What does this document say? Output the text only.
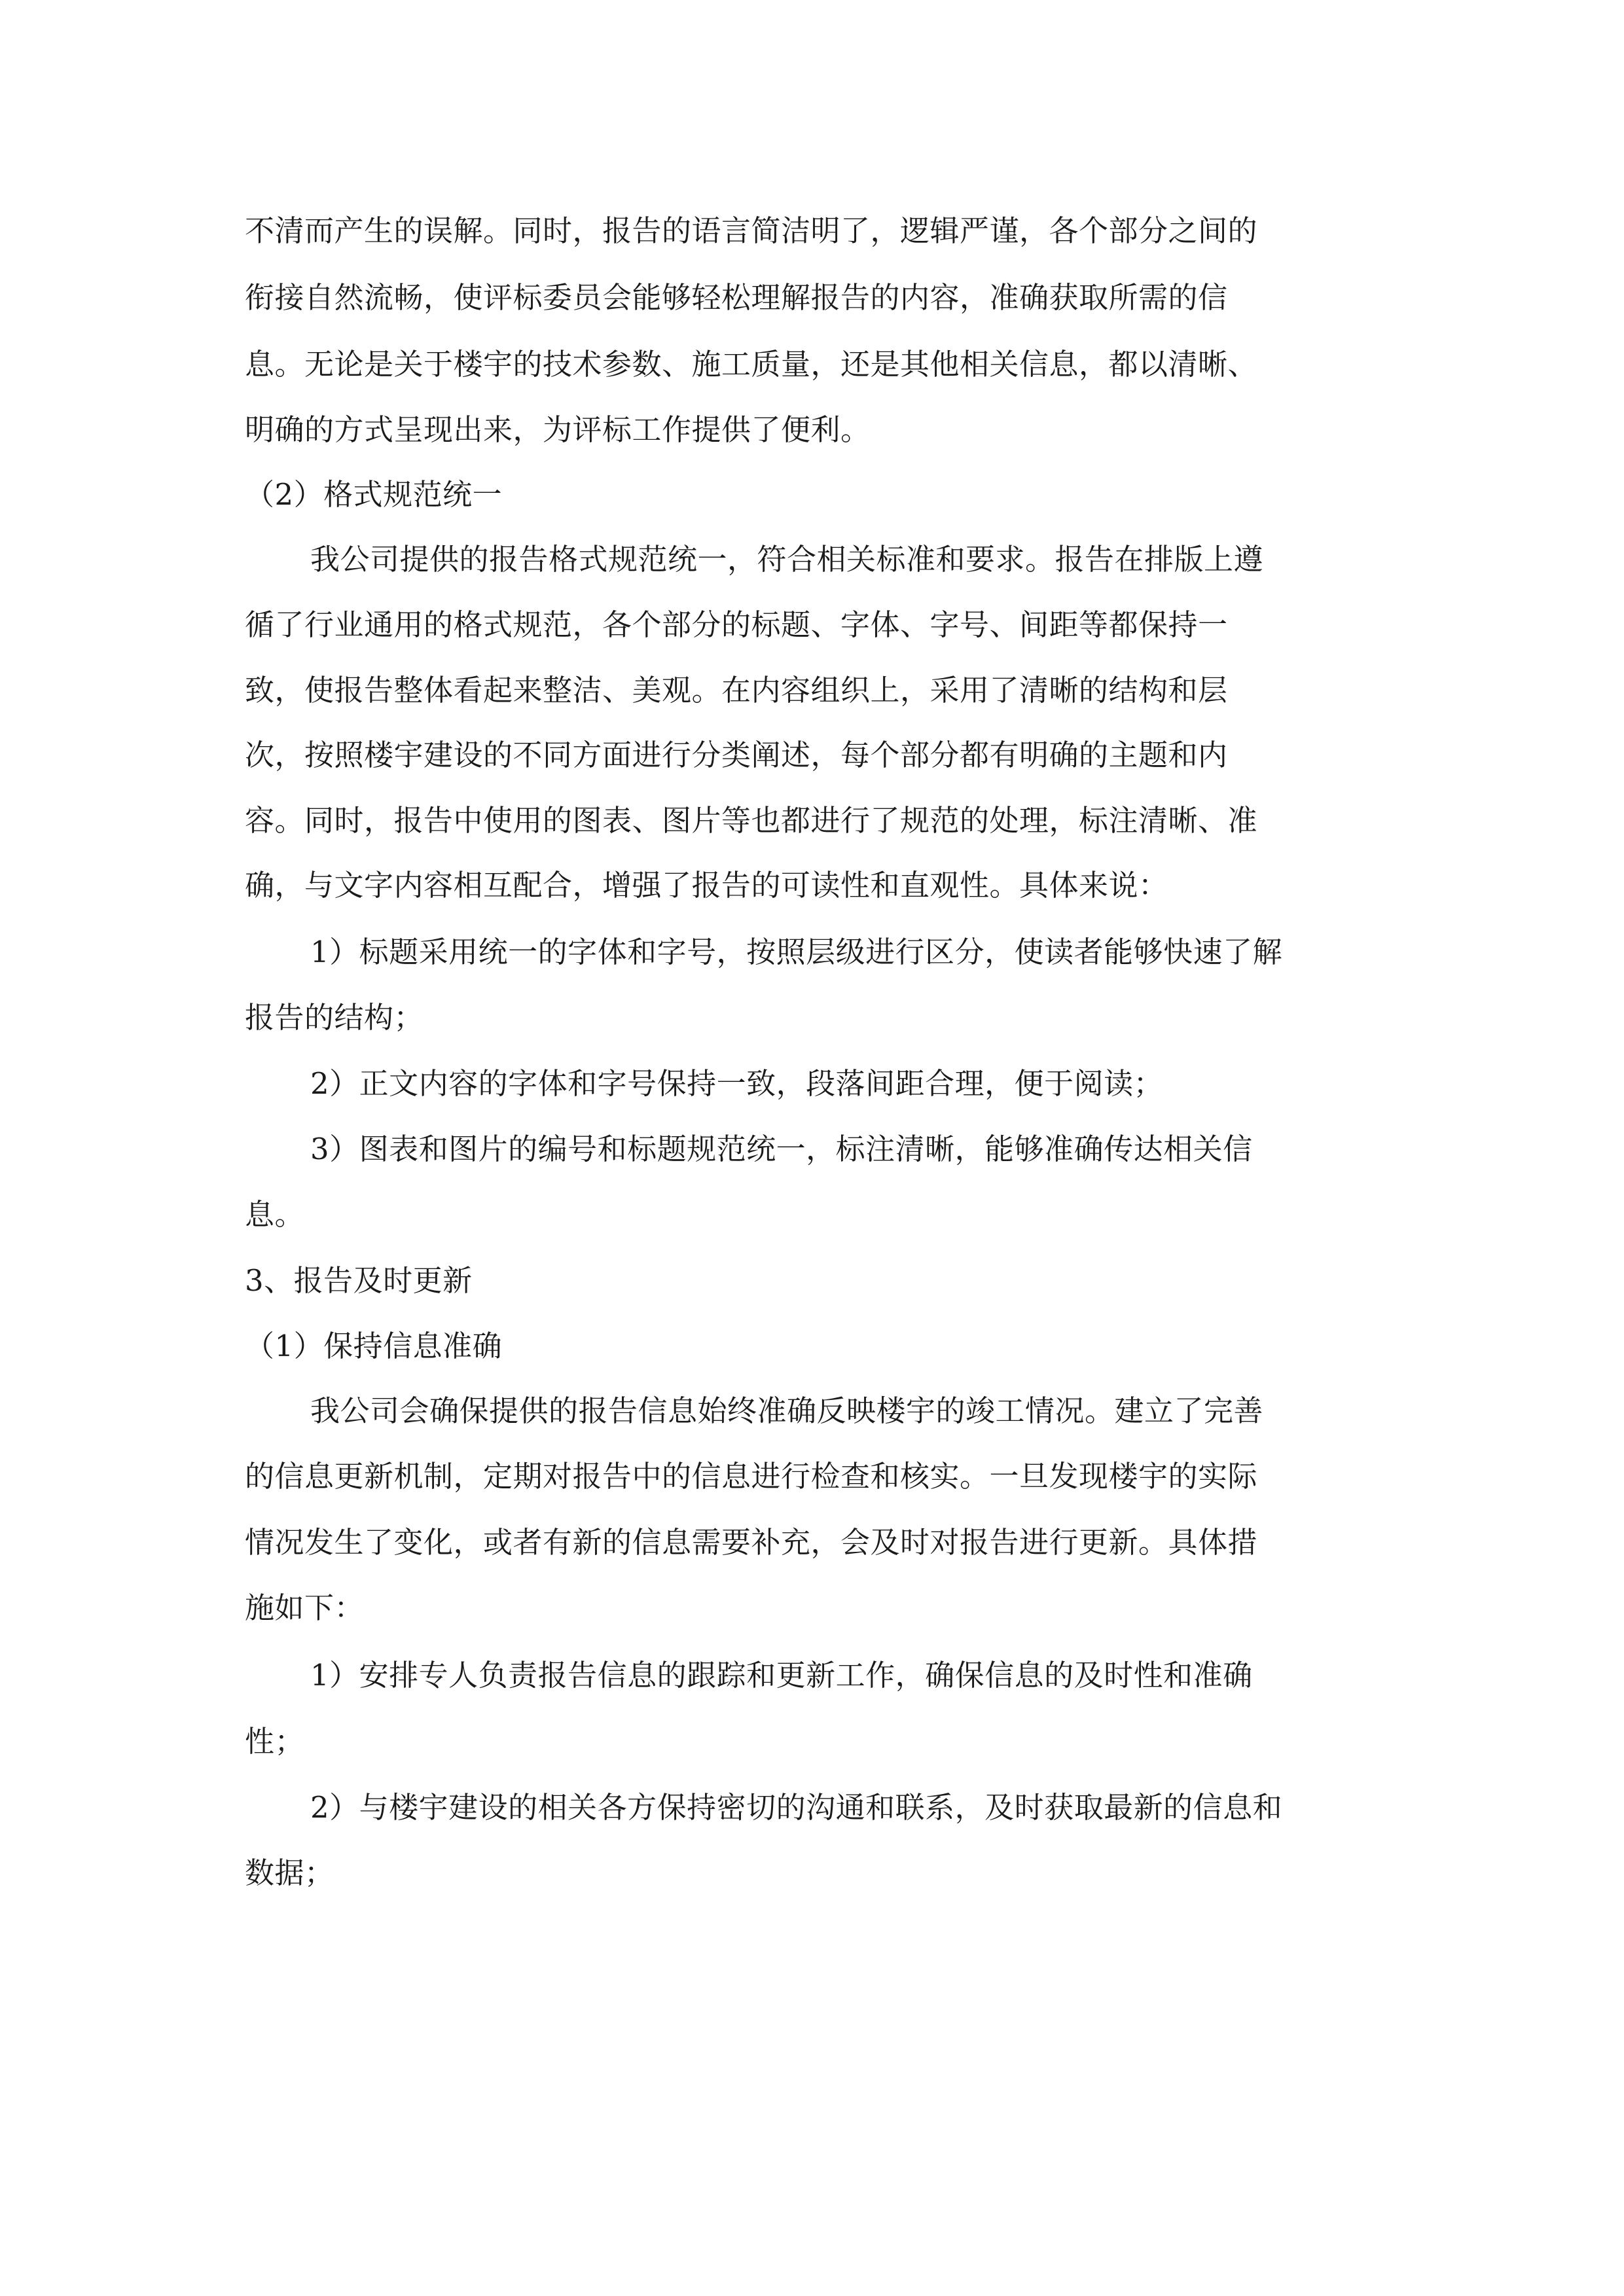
不清而产生的误解。同时，报告的语言简洁明了，逻辑严谨，各个部分之间的
衔接自然流畅，使评标委员会能够轻松理解报告的内容，准确获取所需的信
息。无论是关于楼宇的技术参数、施工质量，还是其他相关信息，都以清晰、
明确的方式呈现出来，为评标工作提供了便利。
（2）格式规范统一
我公司提供的报告格式规范统一，符合相关标准和要求。报告在排版上遵
循了行业通用的格式规范，各个部分的标题、字体、字号、间距等都保持一
致，使报告整体看起来整洁、美观。在内容组织上，采用了清晰的结构和层
次，按照楼宇建设的不同方面进行分类阐述，每个部分都有明确的主题和内
容。同时，报告中使用的图表、图片等也都进行了规范的处理，标注清晰、准
确，与文字内容相互配合，增强了报告的可读性和直观性。具体来说：
1）标题采用统一的字体和字号，按照层级进行区分，使读者能够快速了解
报告的结构；
2）正文内容的字体和字号保持一致，段落间距合理，便于阅读；
3）图表和图片的编号和标题规范统一，标注清晰，能够准确传达相关信
息。
3、报告及时更新
（1）保持信息准确
我公司会确保提供的报告信息始终准确反映楼宇的竣工情况。建立了完善
的信息更新机制，定期对报告中的信息进行检查和核实。一旦发现楼宇的实际
情况发生了变化，或者有新的信息需要补充，会及时对报告进行更新。具体措
施如下：
1）安排专人负责报告信息的跟踪和更新工作，确保信息的及时性和准确
性；
2）与楼宇建设的相关各方保持密切的沟通和联系，及时获取最新的信息和
数据；
